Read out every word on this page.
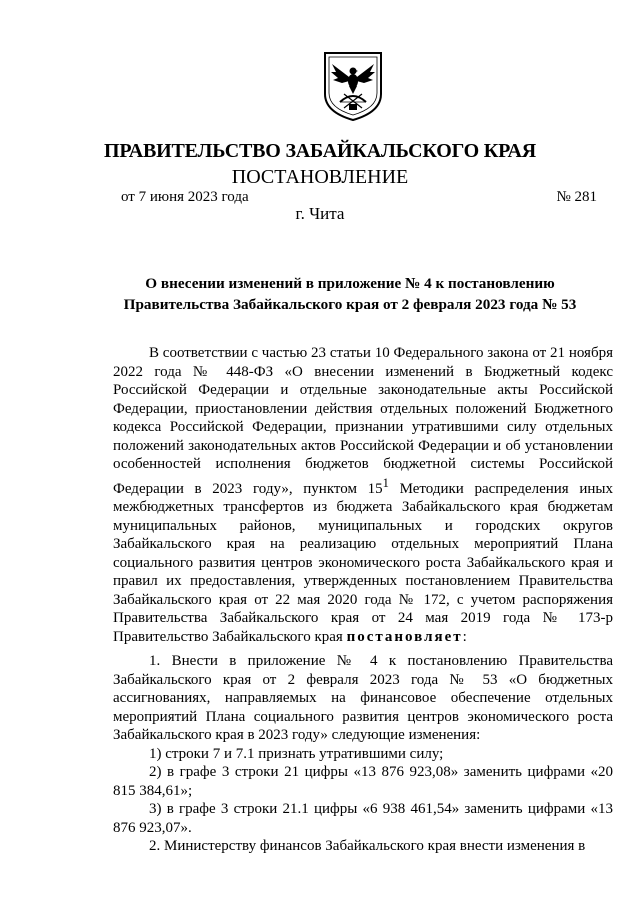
ПРАВИТЕЛЬСТВО ЗАБАЙКАЛЬСКОГО КРАЯ
ПОСТАНОВЛЕНИЕ
от 7 июня 2023 года	№ 281
г. Чита
О внесении изменений в приложение № 4 к постановлению
Правительства Забайкальского края от 2 февраля 2023 года № 53

В соответствии с частью 23 статьи 10 Федерального закона от 21 ноября 2022 года № 448-ФЗ «О внесении изменений в Бюджетный кодекс Российской Федерации и отдельные законодательные акты Российской Федерации, приостановлении действия отдельных положений Бюджетного кодекса Российской Федерации, признании утратившими силу отдельных положений законодательных актов Российской Федерации и об установлении особенностей исполнения бюджетов бюджетной системы Российской Федерации в 2023 году», пунктом $15^1$ Методики распределения иных межбюджетных трансфертов из бюджета Забайкальского края бюджетам муниципальных районов, муниципальных и городских округов Забайкальского края на реализацию отдельных мероприятий Плана социального развития центров экономического роста Забайкальского края и правил их предоставления, утвержденных постановлением Правительства Забайкальского края от 22 мая 2020 года № 172, с учетом распоряжения Правительства Забайкальского края от 24 мая 2019 года № 173-р Правительство Забайкальского края постановляет:

1. Внести в приложение № 4 к постановлению Правительства Забайкальского края от 2 февраля 2023 года № 53 «О бюджетных ассигнованиях, направляемых на финансовое обеспечение отдельных мероприятий Плана социального развития центров экономического роста Забайкальского края в 2023 году» следующие изменения:

1) строки 7 и 7.1 признать утратившими силу;

2) в графе 3 строки 21 цифры «13 876 923,08» заменить цифрами «20 815 384,61»;

3) в графе 3 строки 21.1 цифры «6 938 461,54» заменить цифрами «13 876 923,07».

2. Министерству финансов Забайкальского края внести изменения в
